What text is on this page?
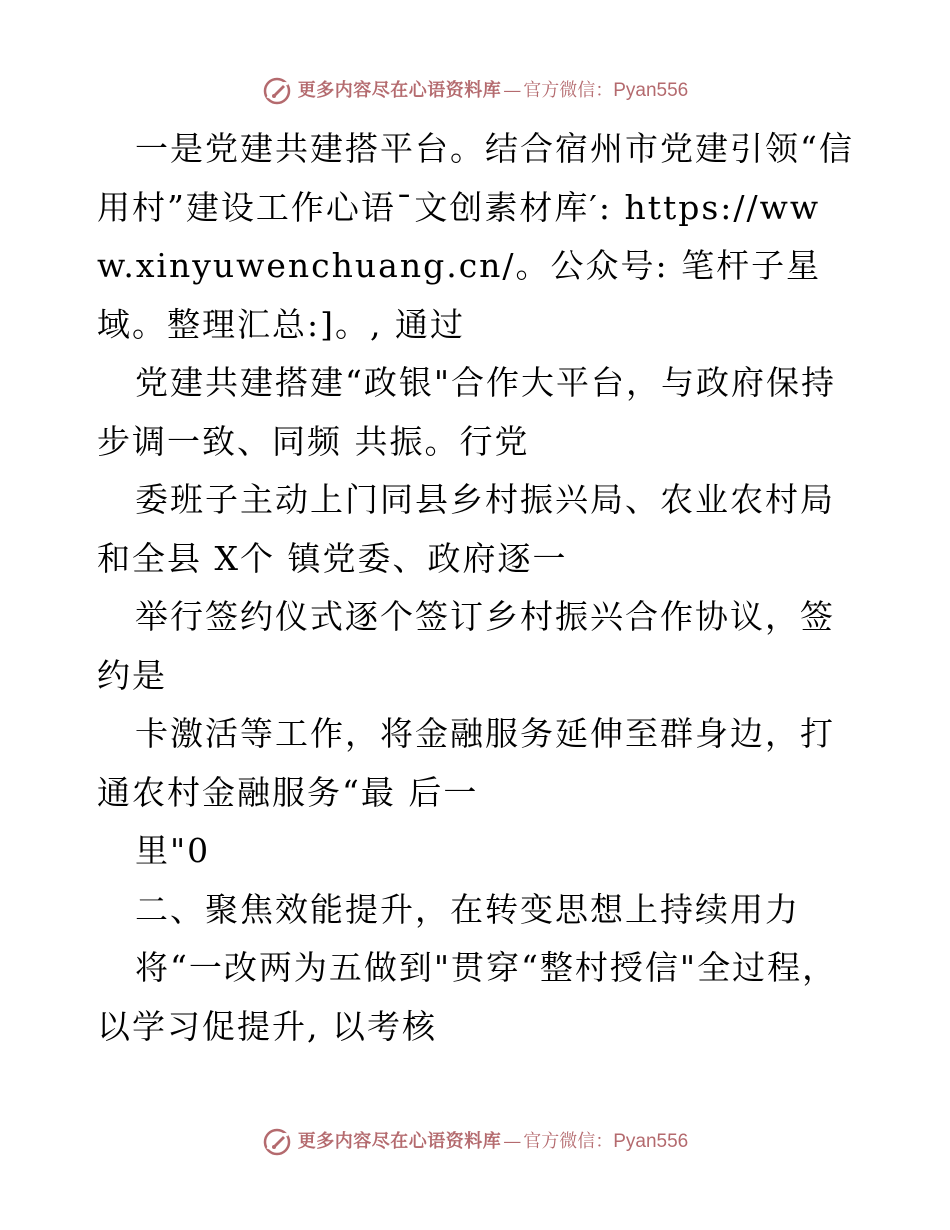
更多内容尽在心语资料库 — 官方微信： Pyan556

一是党建共建搭平台。结合宿州市党建引领“信用村”建设工作心语¯文创素材库′: https://www.xinyuwenchuang.cn/。公众号: 笔杆子星域。整理汇总:]。, 通过

党建共建搭建“政银"合作大平台，与政府保持步调一致、同频 共振。行党

委班子主动上门同县乡村振兴局、农业农村局和全县 X个 镇党委、政府逐一

举行签约仪式逐个签订乡村振兴合作协议，签约是

卡激活等工作，将金融服务延伸至群身边，打通农村金融服务“最 后一

里"0

二、聚焦效能提升，在转变思想上持续用力

将“一改两为五做到"贯穿“整村授信"全过程，以学习促提升, 以考核

更多内容尽在心语资料库 — 官方微信： Pyan556
